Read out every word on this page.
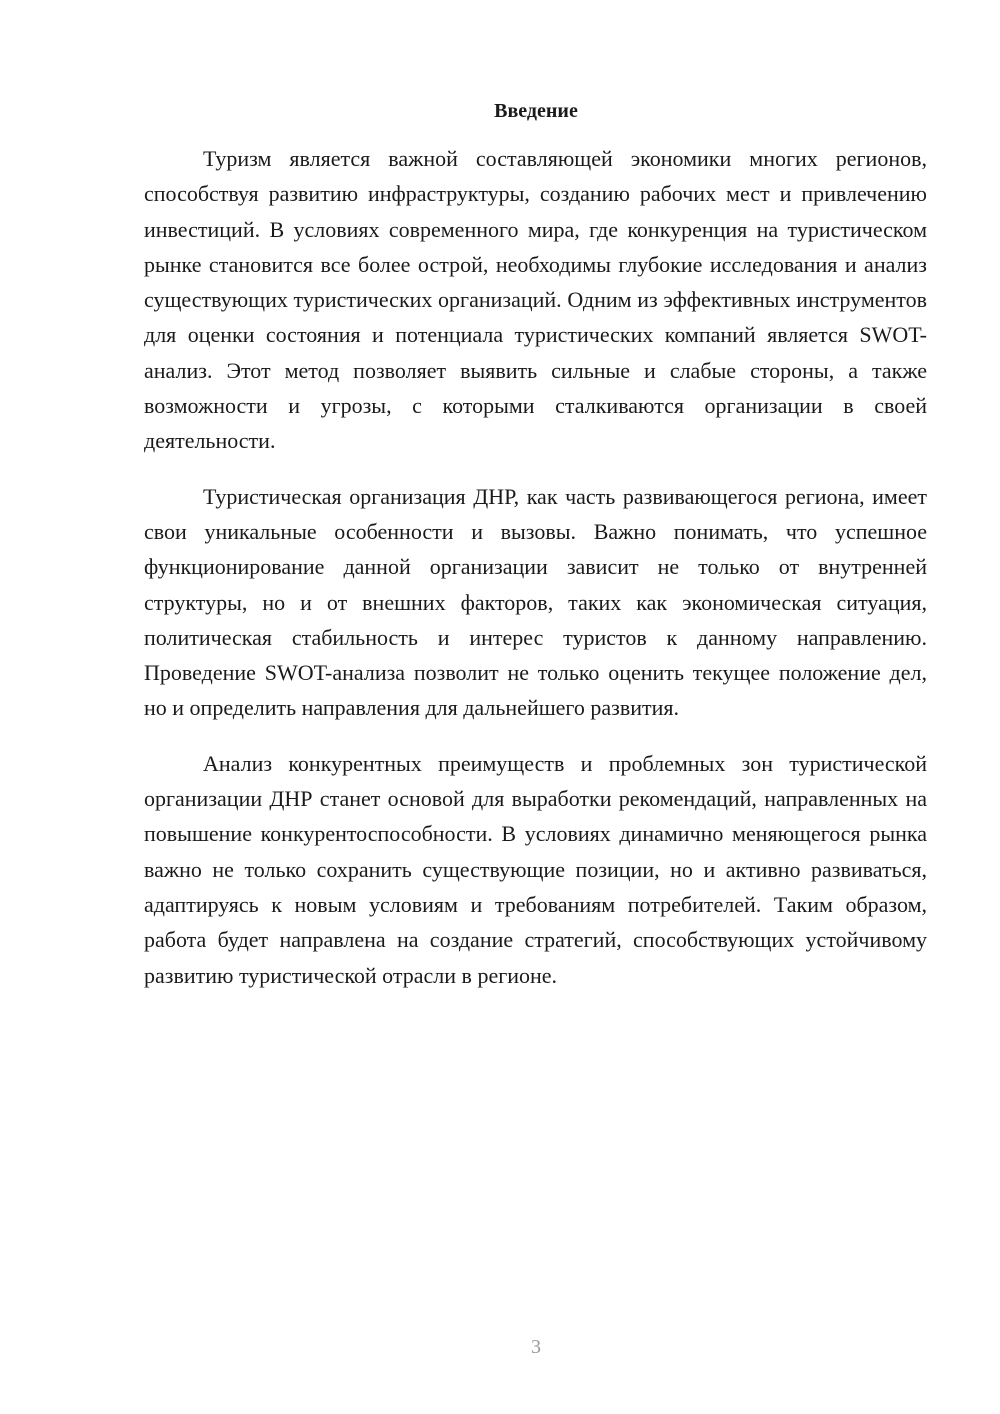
Введение

Туризм является важной составляющей экономики многих регионов, способствуя развитию инфраструктуры, созданию рабочих мест и привлечению инвестиций. В условиях современного мира, где конкуренция на туристическом рынке становится все более острой, необходимы глубокие исследования и анализ существующих туристических организаций. Одним из эффективных инструментов для оценки состояния и потенциала туристических компаний является SWOT-анализ. Этот метод позволяет выявить сильные и слабые стороны, а также возможности и угрозы, с которыми сталкиваются организации в своей деятельности.

Туристическая организация ДНР, как часть развивающегося региона, имеет свои уникальные особенности и вызовы. Важно понимать, что успешное функционирование данной организации зависит не только от внутренней структуры, но и от внешних факторов, таких как экономическая ситуация, политическая стабильность и интерес туристов к данному направлению. Проведение SWOT-анализа позволит не только оценить текущее положение дел, но и определить направления для дальнейшего развития.

Анализ конкурентных преимуществ и проблемных зон туристической организации ДНР станет основой для выработки рекомендаций, направленных на повышение конкурентоспособности. В условиях динамично меняющегося рынка важно не только сохранить существующие позиции, но и активно развиваться, адаптируясь к новым условиям и требованиям потребителей. Таким образом, работа будет направлена на создание стратегий, способствующих устойчивому развитию туристической отрасли в регионе.

3
